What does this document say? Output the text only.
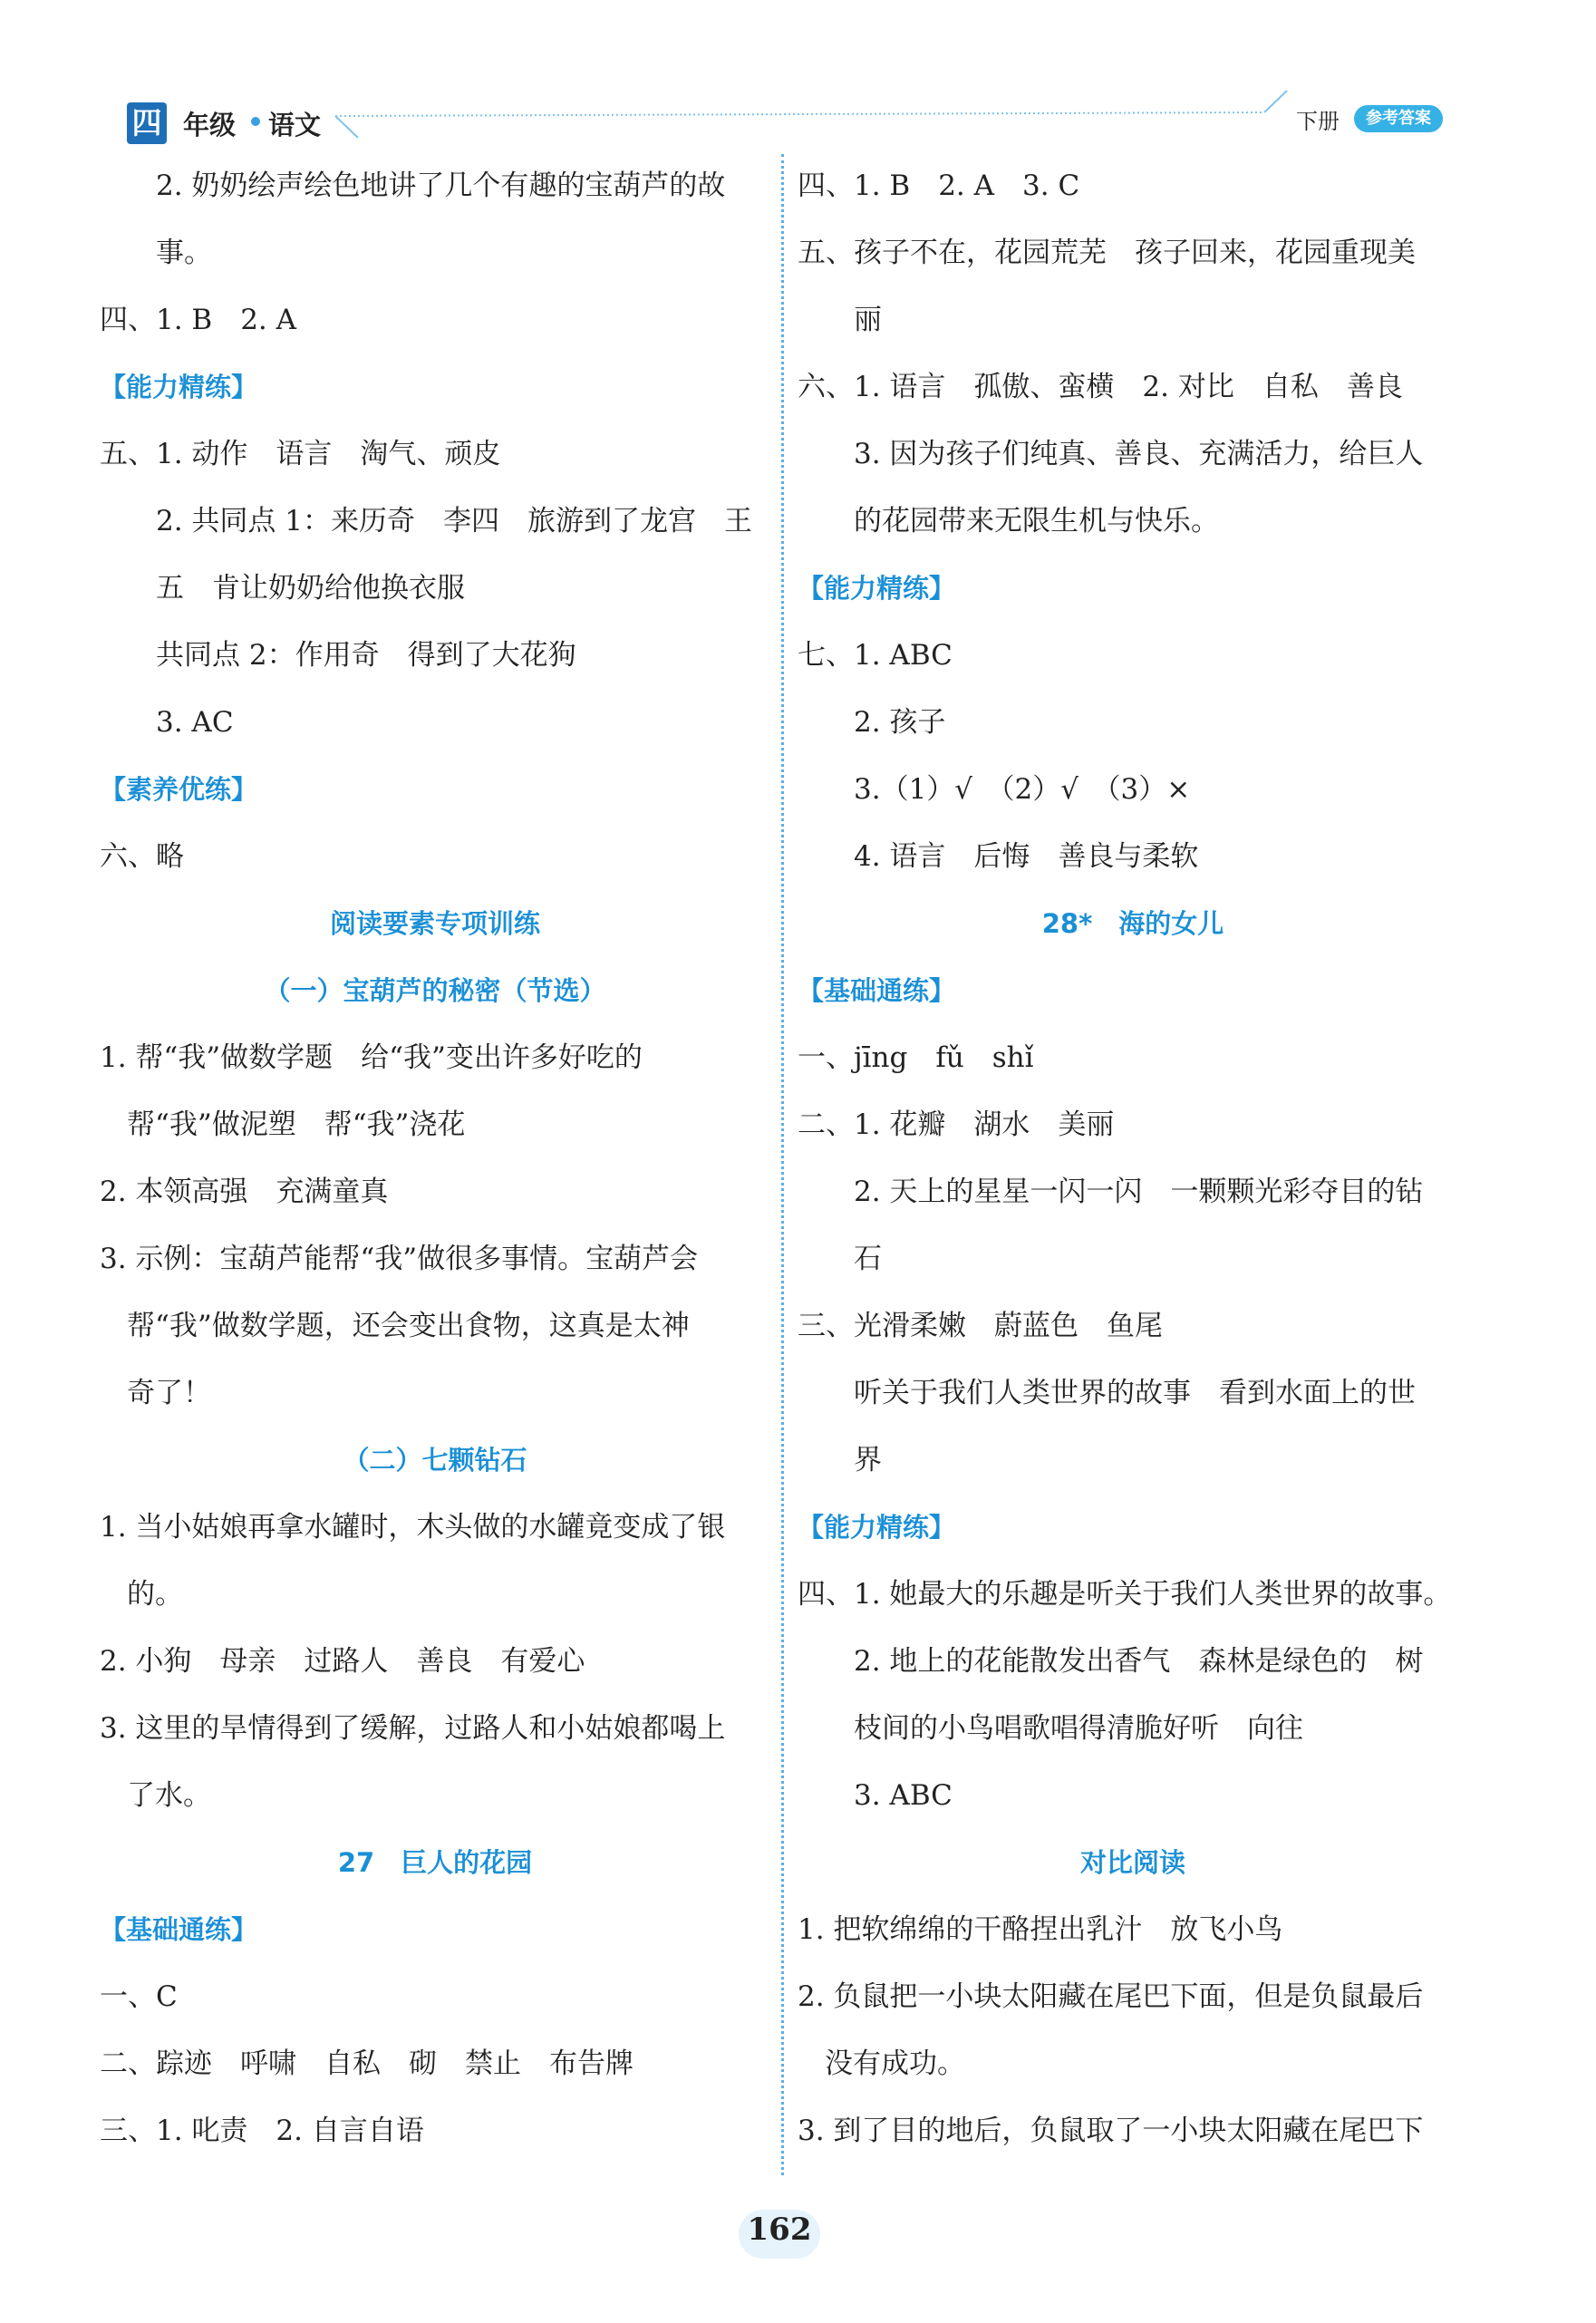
四 年级 语文	下册	参考答案
2. 奶奶绘声绘色地讲了几个有趣的宝葫芦的故
事。
四、1. B　2. A
【能力精练】
五、1. 动作　语言　淘气、顽皮
2. 共同点 1：来历奇　李四　旅游到了龙宫　王
五　肯让奶奶给他换衣服
共同点 2：作用奇　得到了大花狗
3. AC
【素养优练】
六、略
阅读要素专项训练
（一）宝葫芦的秘密（节选）
1. 帮“我”做数学题　给“我”变出许多好吃的
帮“我”做泥塑　帮“我”浇花
2. 本领高强　充满童真
3. 示例：宝葫芦能帮“我”做很多事情。宝葫芦会
帮“我”做数学题，还会变出食物，这真是太神
奇了！
（二）七颗钻石
1. 当小姑娘再拿水罐时，木头做的水罐竟变成了银
的。
2. 小狗　母亲　过路人　善良　有爱心
3. 这里的旱情得到了缓解，过路人和小姑娘都喝上
了水。
27　巨人的花园
【基础通练】
一、C
二、踪迹　呼啸　自私　砌　禁止　布告牌
三、1. 叱责　2. 自言自语
四、1. B　2. A　3. C
五、孩子不在，花园荒芜　孩子回来，花园重现美
丽
六、1. 语言　孤傲、蛮横　2. 对比　自私　善良
3. 因为孩子们纯真、善良、充满活力，给巨人
的花园带来无限生机与快乐。
【能力精练】
七、1. ABC
2. 孩子
3.（1）√　（2）√　（3）×
4. 语言　后悔　善良与柔软
28*　海的女儿
【基础通练】
一、jīng　fǔ　shǐ
二、1. 花瓣　湖水　美丽
2. 天上的星星一闪一闪　一颗颗光彩夺目的钻
石
三、光滑柔嫩　蔚蓝色　鱼尾
听关于我们人类世界的故事　看到水面上的世
界
【能力精练】
四、1. 她最大的乐趣是听关于我们人类世界的故事。
2. 地上的花能散发出香气　森林是绿色的　树
枝间的小鸟唱歌唱得清脆好听　向往
3. ABC
对比阅读
1. 把软绵绵的干酪捏出乳汁　放飞小鸟
2. 负鼠把一小块太阳藏在尾巴下面，但是负鼠最后
没有成功。
3. 到了目的地后，负鼠取了一小块太阳藏在尾巴下
162
